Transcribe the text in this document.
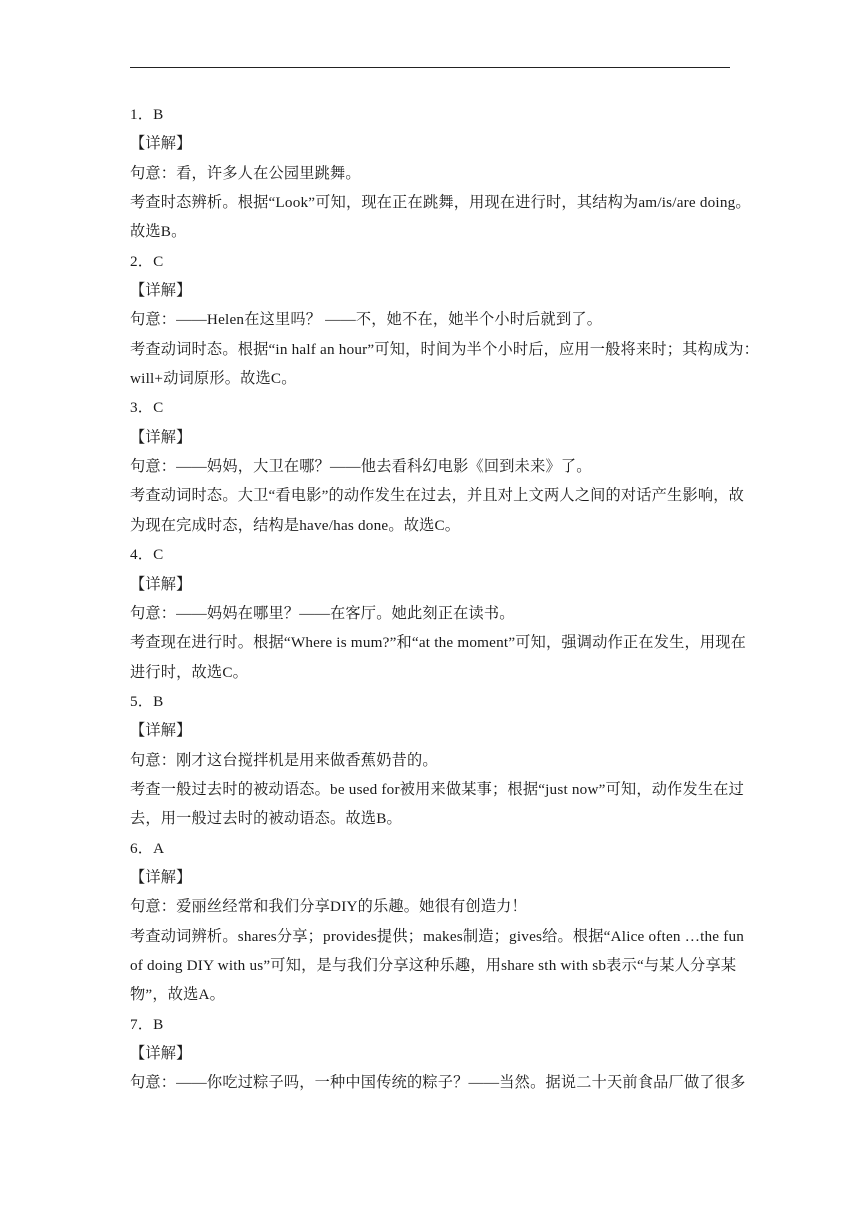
1．B
【详解】
句意：看，许多人在公园里跳舞。
考查时态辨析。根据“Look”可知，现在正在跳舞，用现在进行时，其结构为am/is/are doing。
故选B。
2．C
【详解】
句意：——Helen在这里吗？ ——不，她不在，她半个小时后就到了。
考查动词时态。根据“in half an hour”可知，时间为半个小时后，应用一般将来时；其构成为：
will+动词原形。故选C。
3．C
【详解】
句意：——妈妈，大卫在哪？——他去看科幻电影《回到未来》了。
考查动词时态。大卫“看电影”的动作发生在过去，并且对上文两人之间的对话产生影响，故
为现在完成时态，结构是have/has done。故选C。
4．C
【详解】
句意：——妈妈在哪里？——在客厅。她此刻正在读书。
考查现在进行时。根据“Where is mum?”和“at the moment”可知，强调动作正在发生，用现在
进行时，故选C。
5．B
【详解】
句意：刚才这台搅拌机是用来做香蕉奶昔的。
考查一般过去时的被动语态。be used for被用来做某事；根据“just now”可知，动作发生在过
去，用一般过去时的被动语态。故选B。
6．A
【详解】
句意：爱丽丝经常和我们分享DIY的乐趣。她很有创造力！
考查动词辨析。shares分享；provides提供；makes制造；gives给。根据“Alice often …the fun
of doing DIY with us”可知，是与我们分享这种乐趣，用share sth with sb表示“与某人分享某
物”，故选A。
7．B
【详解】
句意：——你吃过粽子吗，一种中国传统的粽子？——当然。据说二十天前食品厂做了很多
